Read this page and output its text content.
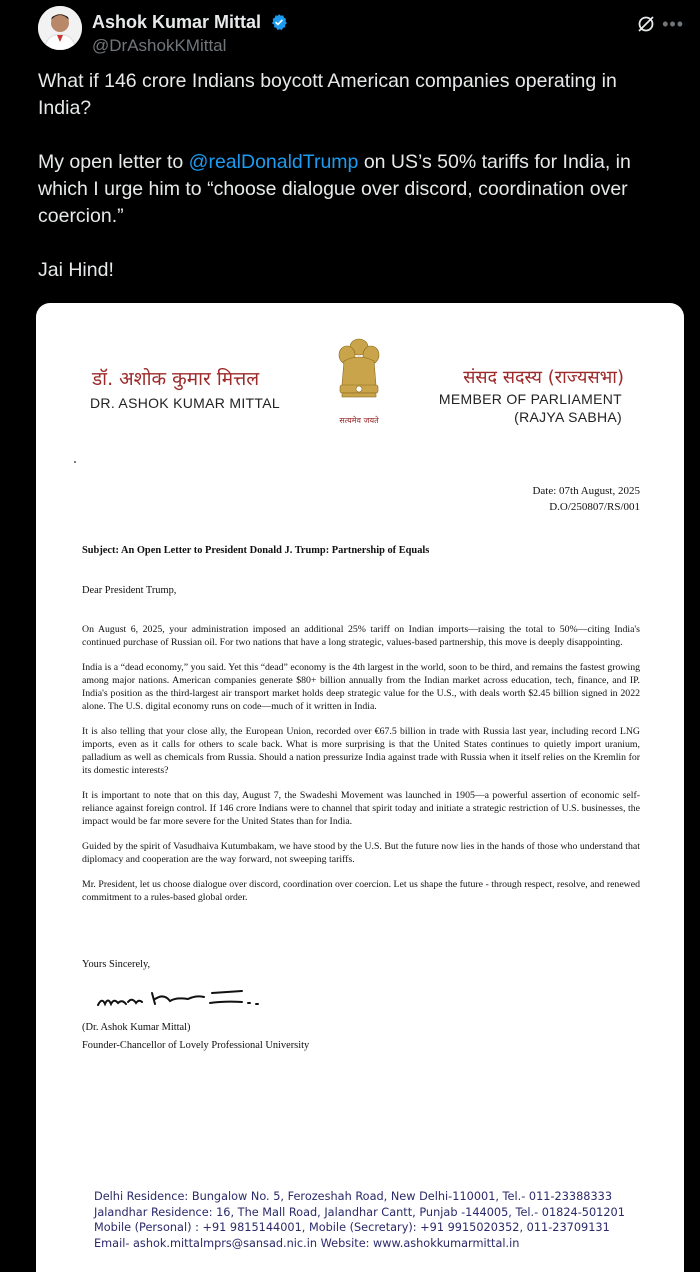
Ashok Kumar Mittal
@DrAshokKMittal
•••

What if 146 crore Indians boycott American companies operating in India?

My open letter to @realDonaldTrump on US’s 50% tariffs for India, in which I urge him to “choose dialogue over discord, coordination over coercion.”

Jai Hind!

डॉ. अशोक कुमार मित्तल
DR. ASHOK KUMAR MITTAL
सत्यमेव जयते
संसद सदस्य (राज्यसभा)
MEMBER OF PARLIAMENT
(RAJYA SABHA)
Date: 07th August, 2025
D.O/250807/RS/001
Subject: An Open Letter to President Donald J. Trump: Partnership of Equals
Dear President Trump,

On August 6, 2025, your administration imposed an additional 25% tariff on Indian imports—raising the total to 50%—citing India's continued purchase of Russian oil. For two nations that have a long strategic, values-based partnership, this move is deeply disappointing.

India is a “dead economy,” you said. Yet this “dead” economy is the 4th largest in the world, soon to be third, and remains the fastest growing among major nations. American companies generate $80+ billion annually from the Indian market across education, tech, finance, and IP. India's position as the third-largest air transport market holds deep strategic value for the U.S., with deals worth $2.45 billion signed in 2022 alone. The U.S. digital economy runs on code—much of it written in India.

It is also telling that your close ally, the European Union, recorded over €67.5 billion in trade with Russia last year, including record LNG imports, even as it calls for others to scale back. What is more surprising is that the United States continues to quietly import uranium, palladium as well as chemicals from Russia. Should a nation pressurize India against trade with Russia when it itself relies on the Kremlin for its domestic interests?

It is important to note that on this day, August 7, the Swadeshi Movement was launched in 1905—a powerful assertion of economic self-reliance against foreign control. If 146 crore Indians were to channel that spirit today and initiate a strategic restriction of U.S. businesses, the impact would be far more severe for the United States than for India.

Guided by the spirit of Vasudhaiva Kutumbakam, we have stood by the U.S. But the future now lies in the hands of those who understand that diplomacy and cooperation are the way forward, not sweeping tariffs.

Mr. President, let us choose dialogue over discord, coordination over coercion. Let us shape the future - through respect, resolve, and renewed commitment to a rules-based global order.

Yours Sincerely,
(Dr. Ashok Kumar Mittal)
Founder-Chancellor of Lovely Professional University
Delhi Residence: Bungalow No. 5, Ferozeshah Road, New Delhi-110001, Tel.- 011-23388333
Jalandhar Residence: 16, The Mall Road, Jalandhar Cantt, Punjab -144005, Tel.- 01824-501201
Mobile (Personal) : +91 9815144001, Mobile (Secretary): +91 9915020352, 011-23709131
Email- ashok.mittalmprs@sansad.nic.in Website: www.ashokkumarmittal.in
